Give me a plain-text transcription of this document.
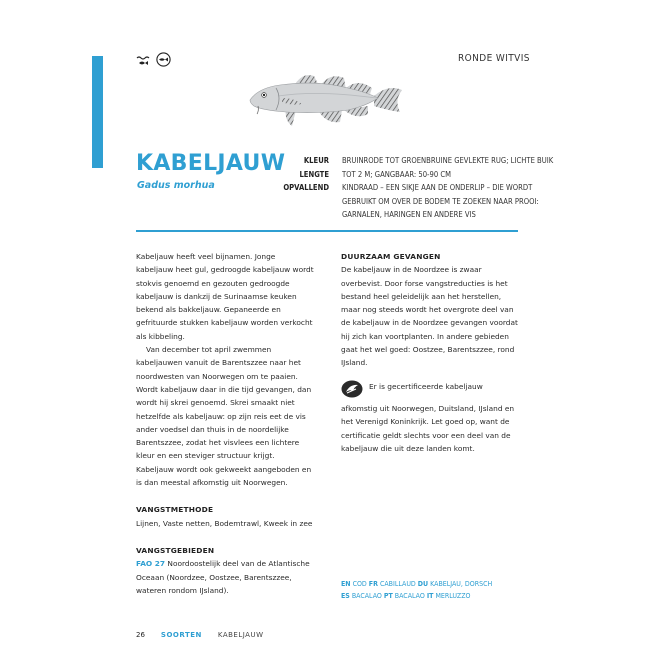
RONDE WITVIS
KABELJAUW
Gadus morhua
KLEUR	BRUINRODE TOT GROENBRUINE GEVLEKTE RUG; LICHTE BUIK
LENGTE	TOT 2 M; GANGBAAR: 50-90 CM
OPVALLEND	KINDRAAD – EEN SIKJE AAN DE ONDERLIP – DIE WORDT
GEBRUIKT OM OVER DE BODEM TE ZOEKEN NAAR PROOI:
GARNALEN, HARINGEN EN ANDERE VIS

Kabeljauw heeft veel bijnamen. Jonge kabeljauw heet gul, gedroogde kabeljauw wordt stokvis genoemd en gezouten gedroogde kabeljauw is dankzij de Surinaamse keuken bekend als bakkeljauw. Gepaneerde en gefrituurde stukken kabeljauw worden verkocht als kibbeling.

Van december tot april zwemmen kabeljauwen vanuit de Barentszzee naar het noordwesten van Noorwegen om te paaien. Wordt kabeljauw daar in die tijd gevangen, dan wordt hij skrei genoemd. Skrei smaakt niet hetzelfde als kabeljauw: op zijn reis eet de vis ander voedsel dan thuis in de noordelijke Barentszzee, zodat het visvlees een lichtere kleur en een steviger structuur krijgt. Kabeljauw wordt ook gekweekt aangeboden en is dan meestal afkomstig uit Noorwegen.

VANGSTMETHODE

Lijnen, Vaste netten, Bodemtrawl, Kweek in zee

VANGSTGEBIEDEN

FAO 27 Noordoostelijk deel van de Atlantische Oceaan (Noordzee, Oostzee, Barentszzee, wateren rondom IJsland).

DUURZAAM GEVANGEN

De kabeljauw in de Noordzee is zwaar overbevist. Door forse vangstreducties is het bestand heel geleidelijk aan het herstellen, maar nog steeds wordt het overgrote deel van de kabeljauw in de Noordzee gevangen voordat hij zich kan voortplanten. In andere gebieden gaat het wel goed: Oostzee, Barentszzee, rond IJsland.

Er is gecertificeerde kabeljauw afkomstig uit Noorwegen, Duitsland, IJsland en het Verenigd Koninkrijk. Let goed op, want de certificatie geldt slechts voor een deel van de kabeljauw die uit deze landen komt.

EN COD FR CABILLAUD DU KABELJAU, DORSCH
ES BACALAO PT BACALAO IT MERLUZZO
26 SOORTEN KABELJAUW
